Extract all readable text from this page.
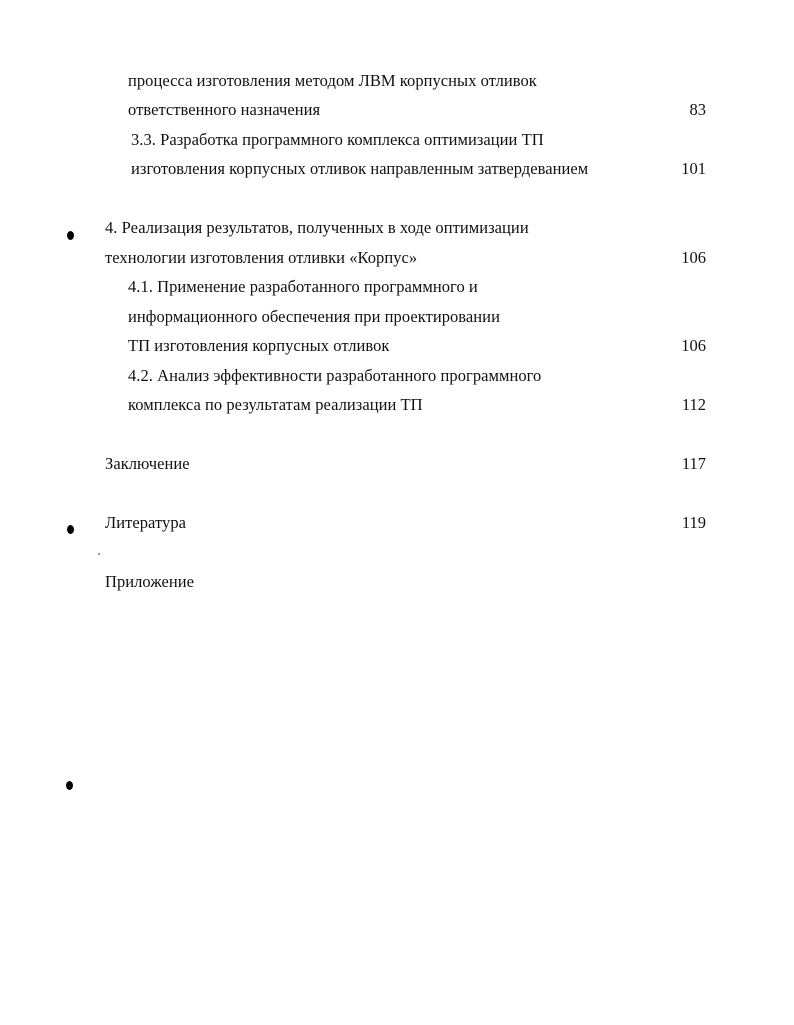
процесса изготовления методом ЛВМ корпусных отливок
ответственного назначения	83
3.3. Разработка программного комплекса оптимизации ТП
изготовления корпусных отливок направленным затвердеванием	101
4. Реализация результатов, полученных в ходе оптимизации
технологии изготовления отливки «Корпус»	106
4.1. Применение разработанного программного и
информационного обеспечения при проектировании
ТП изготовления корпусных отливок	106
4.2. Анализ эффективности разработанного программного
комплекса по результатам реализации ТП	112
Заключение	117
Литература	119
Приложение
